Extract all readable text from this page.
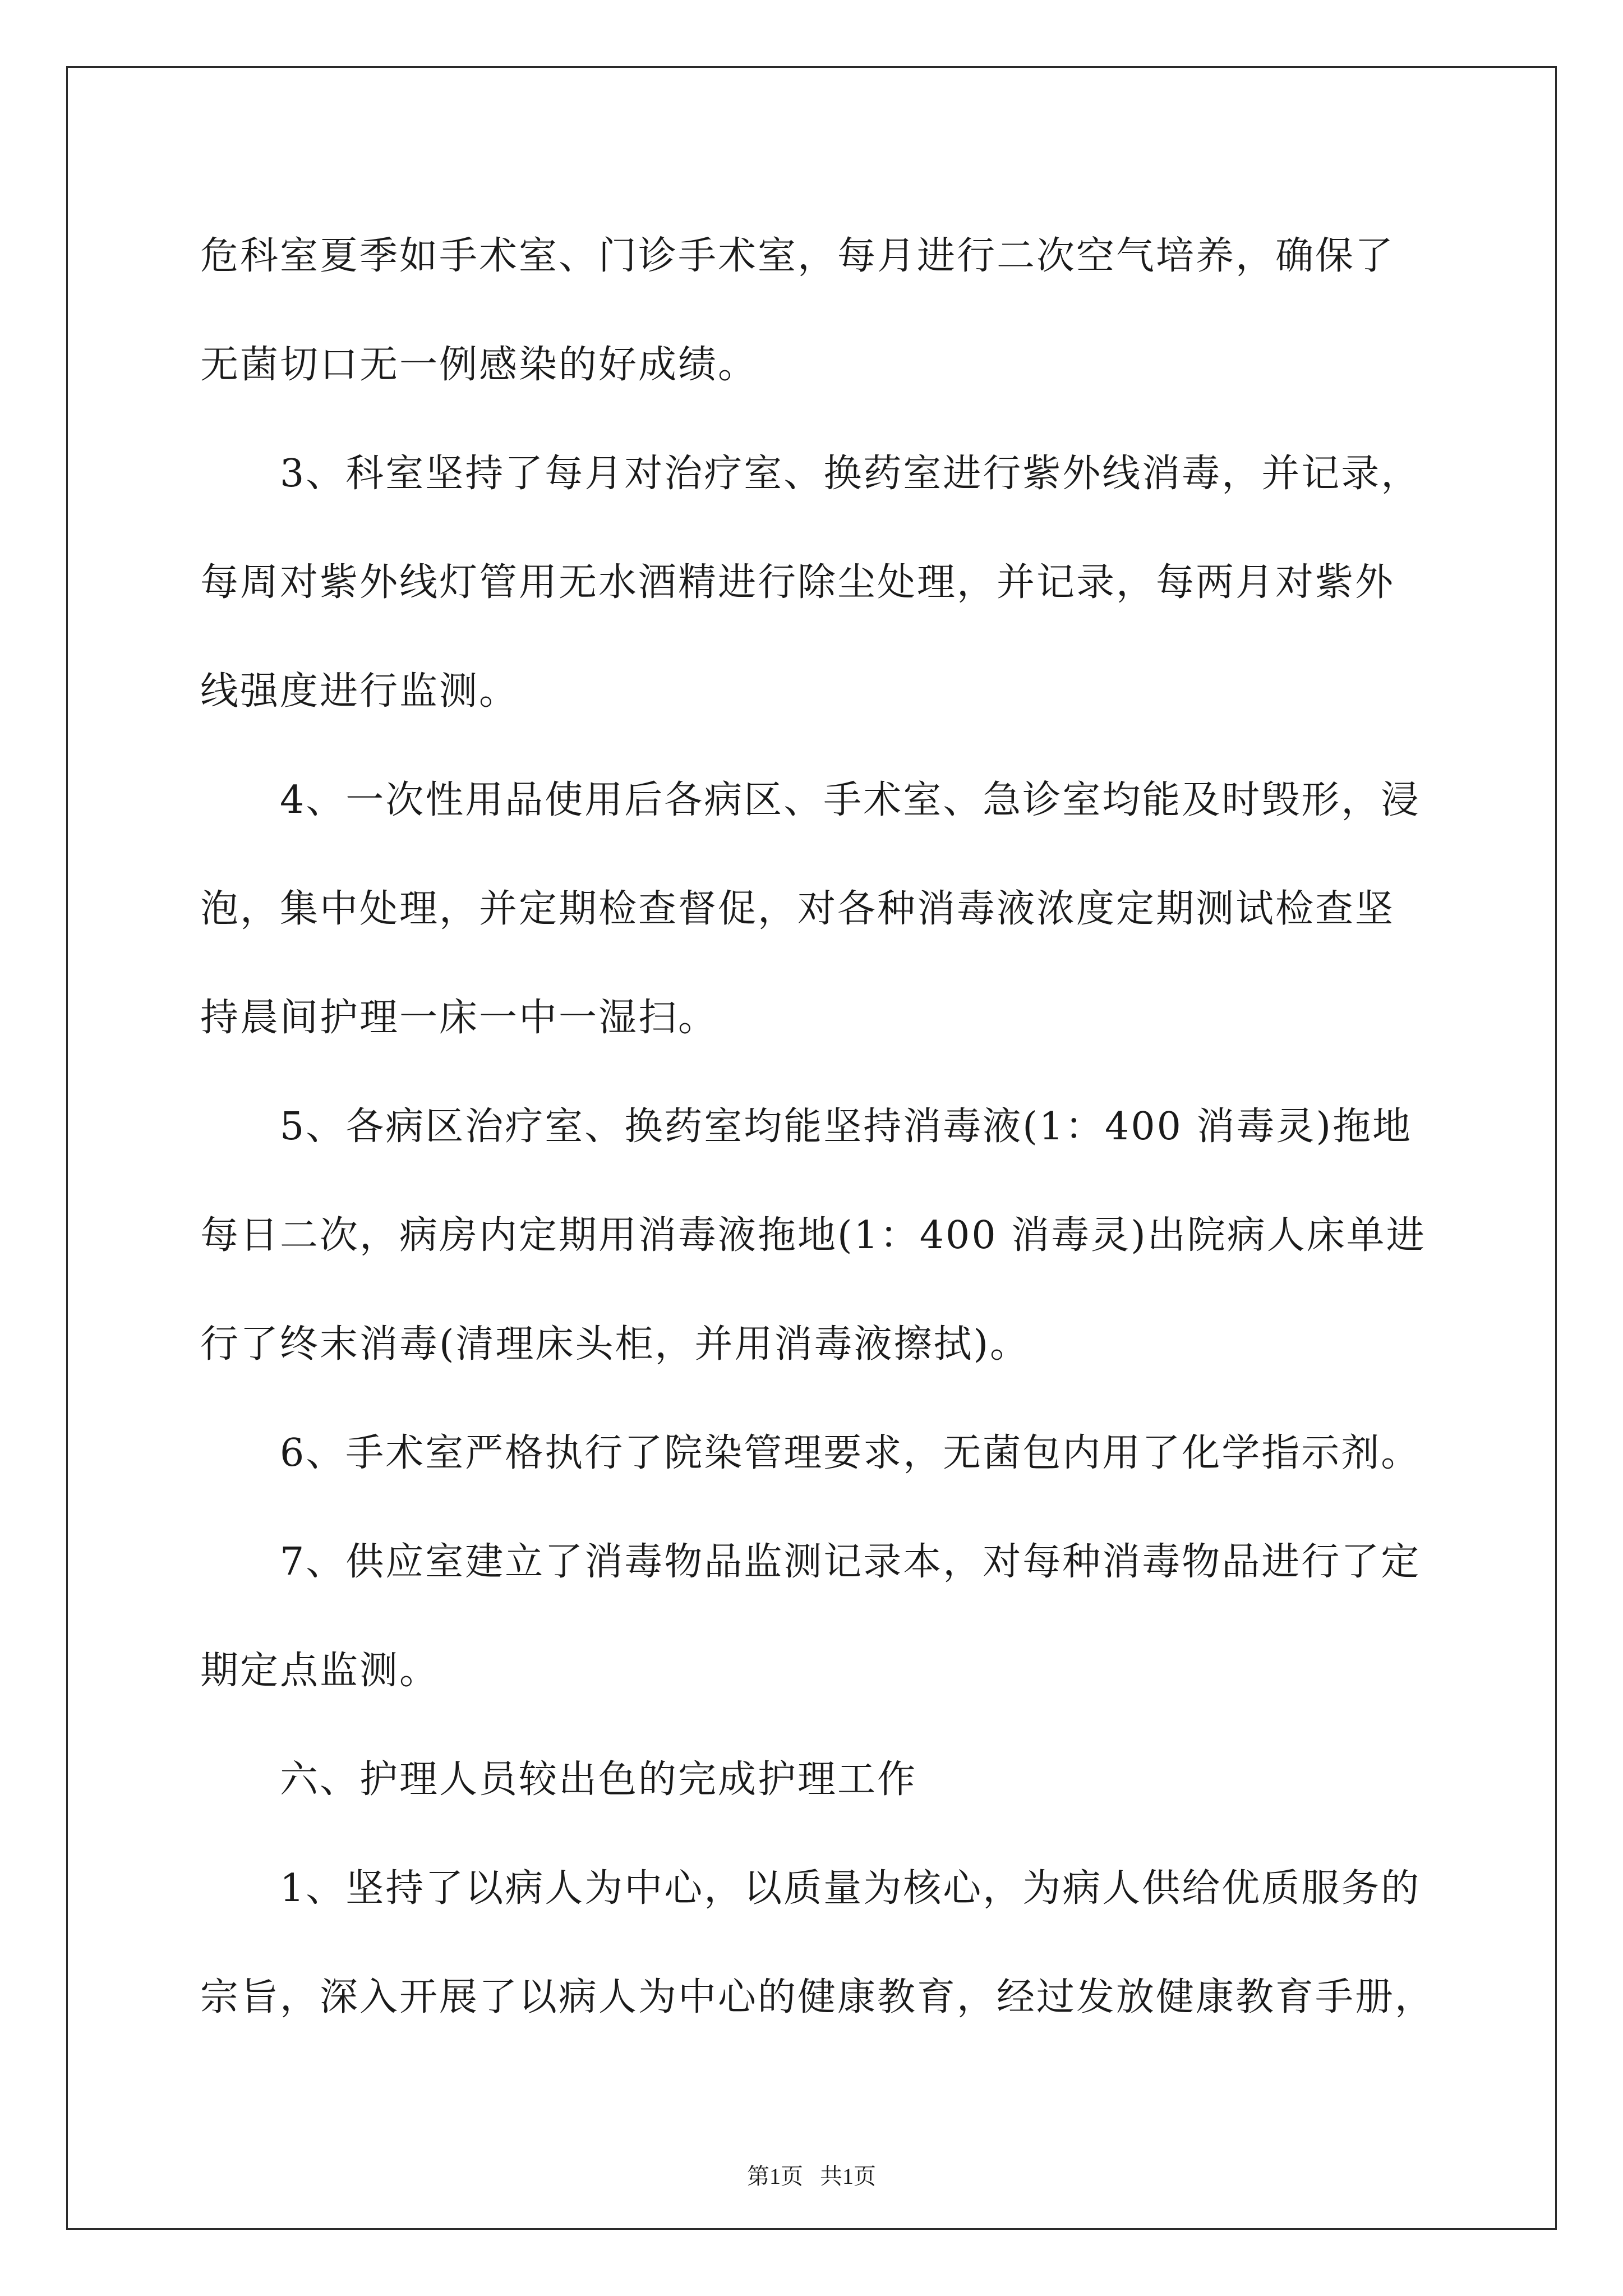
危科室夏季如手术室、门诊手术室，每月进行二次空气培养，确保了
无菌切口无一例感染的好成绩。
3、科室坚持了每月对治疗室、换药室进行紫外线消毒，并记录，
每周对紫外线灯管用无水酒精进行除尘处理，并记录，每两月对紫外
线强度进行监测。
4、一次性用品使用后各病区、手术室、急诊室均能及时毁形，浸
泡，集中处理，并定期检查督促，对各种消毒液浓度定期测试检查坚
持晨间护理一床一中一湿扫。
5、各病区治疗室、换药室均能坚持消毒液(1：400 消毒灵)拖地
每日二次，病房内定期用消毒液拖地(1：400 消毒灵)出院病人床单进
行了终末消毒(清理床头柜，并用消毒液擦拭)。
6、手术室严格执行了院染管理要求，无菌包内用了化学指示剂。
7、供应室建立了消毒物品监测记录本，对每种消毒物品进行了定
期定点监测。
六、护理人员较出色的完成护理工作
1、坚持了以病人为中心，以质量为核心，为病人供给优质服务的
宗旨，深入开展了以病人为中心的健康教育，经过发放健康教育手册，
第1页 共1页
